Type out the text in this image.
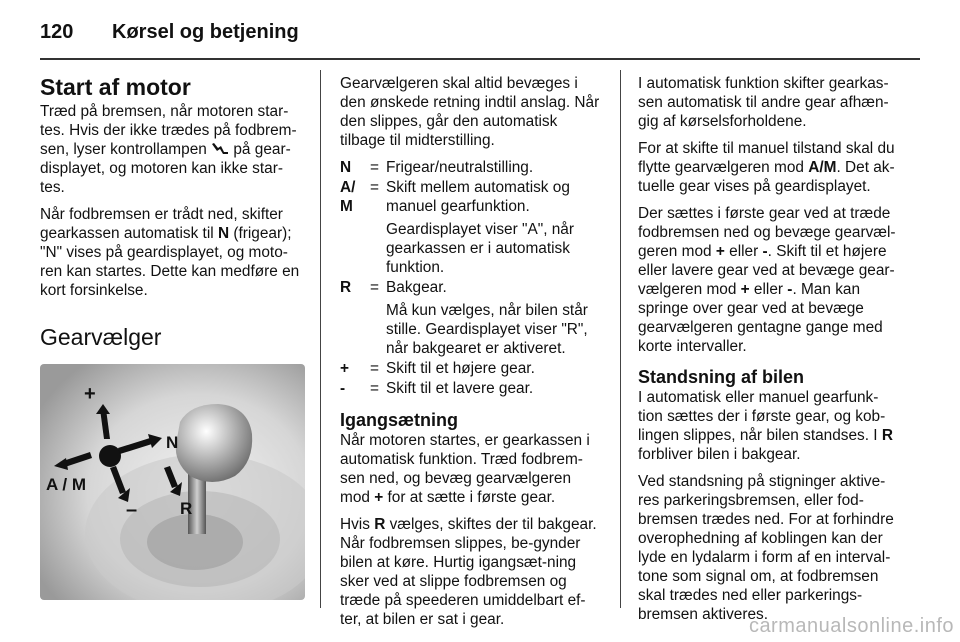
120	Kørsel og betjening
Start af motor

Træd på bremsen, når motoren star-tes. Hvis der ikke trædes på fodbrem-sen, lyser kontrollampen  på gear-displayet, og motoren kan ikke star-tes.

Når fodbremsen er trådt ned, skifter gearkassen automatisk til N (frigear); "N" vises på geardisplayet, og moto-ren kan startes. Dette kan medføre en kort forsinkelse.

Gearvælger
+
–
A / M
N
R

Gearvælgeren skal altid bevæges i den ønskede retning indtil anslag. Når den slippes, går den automatisk tilbage til midterstilling.

N	=	Frigear/neutralstilling.
A/ M	=	Skift mellem automatisk og manuel gearfunktion.
Geardisplayet viser "A", når gearkassen er i automatisk funktion.

R	=	Bakgear.
Må kun vælges, når bilen står stille. Geardisplayet viser "R", når bakgearet er aktiveret.

+	=	Skift til et højere gear.
-	=	Skift til et lavere gear.
Igangsætning

Når motoren startes, er gearkassen i automatisk funktion. Træd fodbrem-sen ned, og bevæg gearvælgeren mod + for at sætte i første gear.

Hvis R vælges, skiftes der til bakgear. Når fodbremsen slippes, be-gynder bilen at køre. Hurtig igangsæt-ning sker ved at slippe fodbremsen og træde på speederen umiddelbart ef-ter, at bilen er sat i gear.

I automatisk funktion skifter gearkas-sen automatisk til andre gear afhæn-gig af kørselsforholdene.

For at skifte til manuel tilstand skal du flytte gearvælgeren mod A/M. Det ak-tuelle gear vises på geardisplayet.

Der sættes i første gear ved at træde fodbremsen ned og bevæge gearvæl-geren mod + eller -. Skift til et højere eller lavere gear ved at bevæge gear-vælgeren mod + eller -. Man kan springe over gear ved at bevæge gearvælgeren gentagne gange med korte intervaller.

Standsning af bilen

I automatisk eller manuel gearfunk-tion sættes der i første gear, og kob-lingen slippes, når bilen standses. I R forbliver bilen i bakgear.

Ved standsning på stigninger aktive-res parkeringsbremsen, eller fod-bremsen trædes ned. For at forhindre overophedning af koblingen kan der lyde en lydalarm i form af en interval-tone som signal om, at fodbremsen skal trædes ned eller parkerings-bremsen aktiveres.

carmanualsonline.info
